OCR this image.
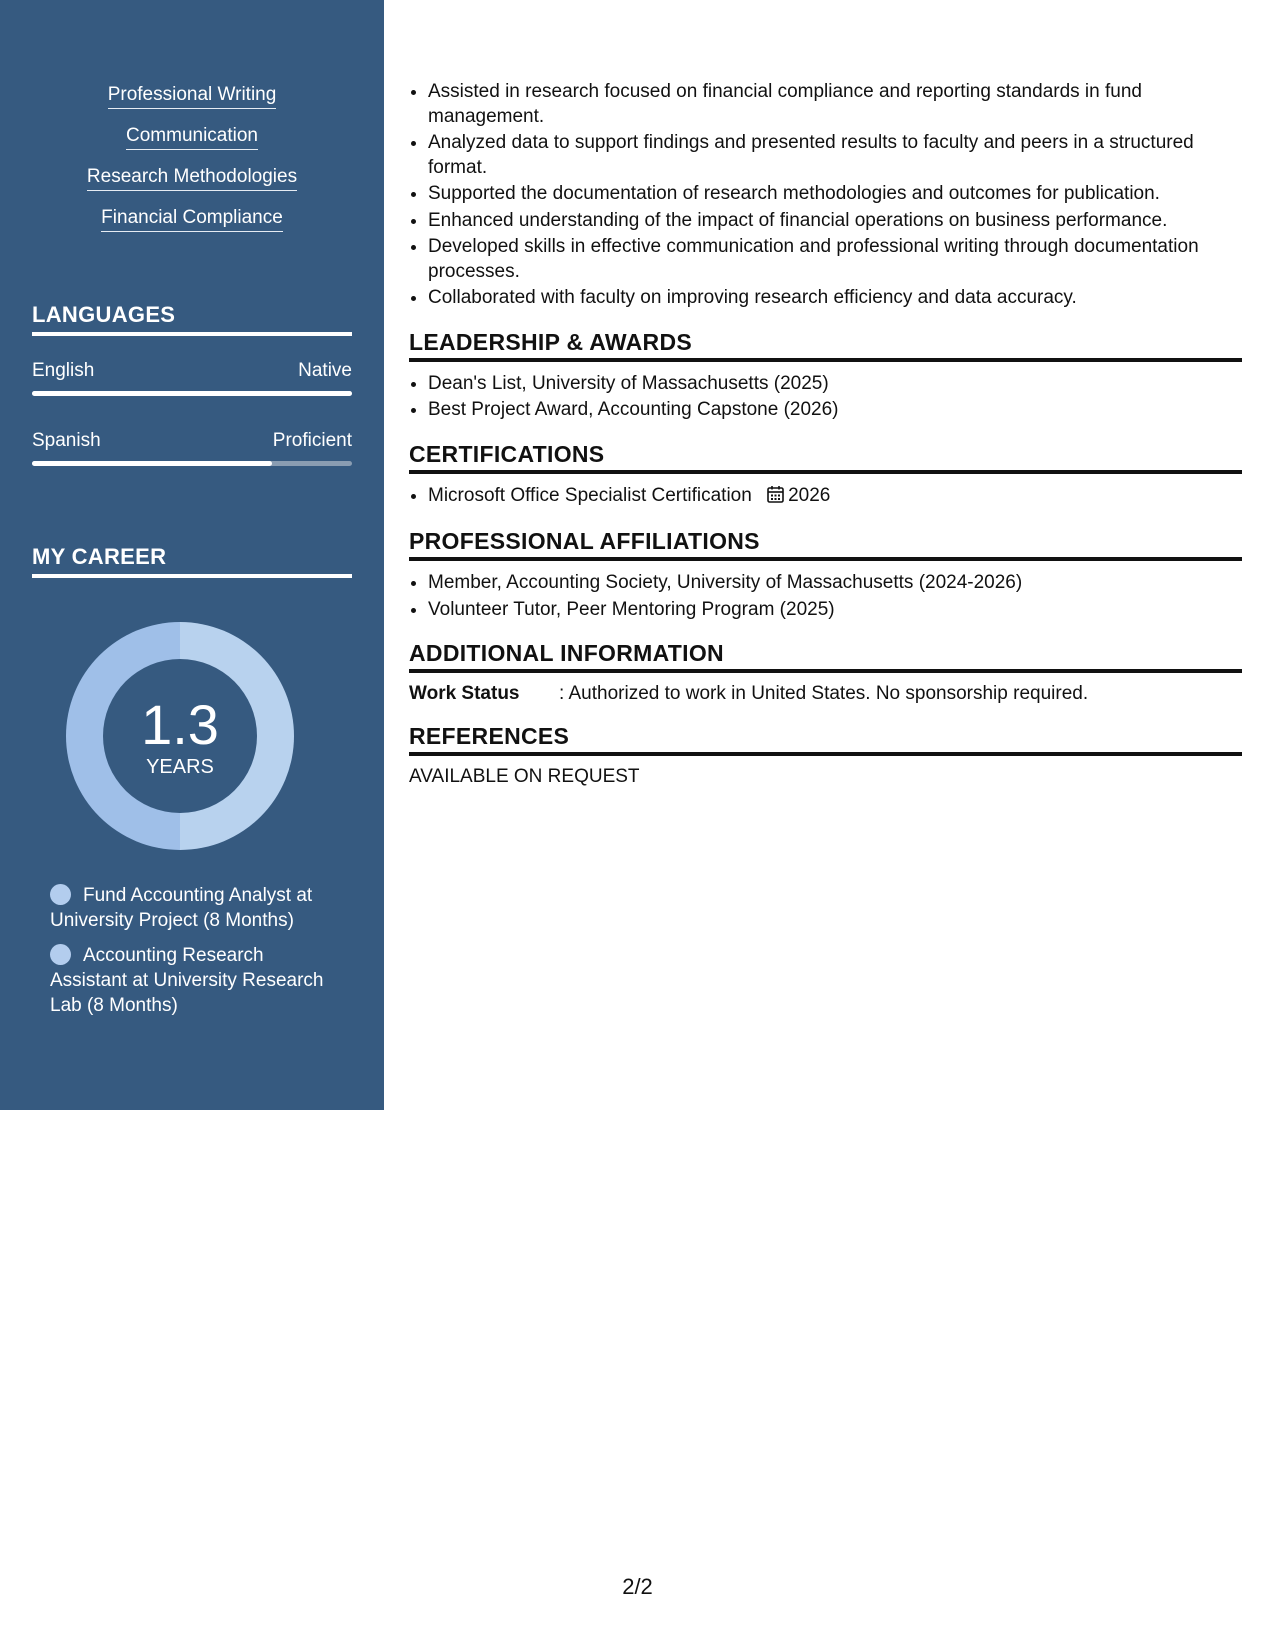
Professional Writing
Communication
Research Methodologies
Financial Compliance
LANGUAGES
English	Native
Spanish	Proficient
MY CAREER
1.3
YEARS
Fund Accounting Analyst at University Project (8 Months)
Accounting Research Assistant at University Research Lab (8 Months)
• Assisted in research focused on financial compliance and reporting standards in fund management.
• Analyzed data to support findings and presented results to faculty and peers in a structured format.
• Supported the documentation of research methodologies and outcomes for publication.
• Enhanced understanding of the impact of financial operations on business performance.
• Developed skills in effective communication and professional writing through documentation processes.
• Collaborated with faculty on improving research efficiency and data accuracy.
LEADERSHIP & AWARDS
• Dean's List, University of Massachusetts (2025)
• Best Project Award, Accounting Capstone (2026)
CERTIFICATIONS
• Microsoft Office Specialist Certification 2026
PROFESSIONAL AFFILIATIONS
• Member, Accounting Society, University of Massachusetts (2024-2026)
• Volunteer Tutor, Peer Mentoring Program (2025)
ADDITIONAL INFORMATION
Work Status : Authorized to work in United States. No sponsorship required.
REFERENCES
AVAILABLE ON REQUEST
2/2
